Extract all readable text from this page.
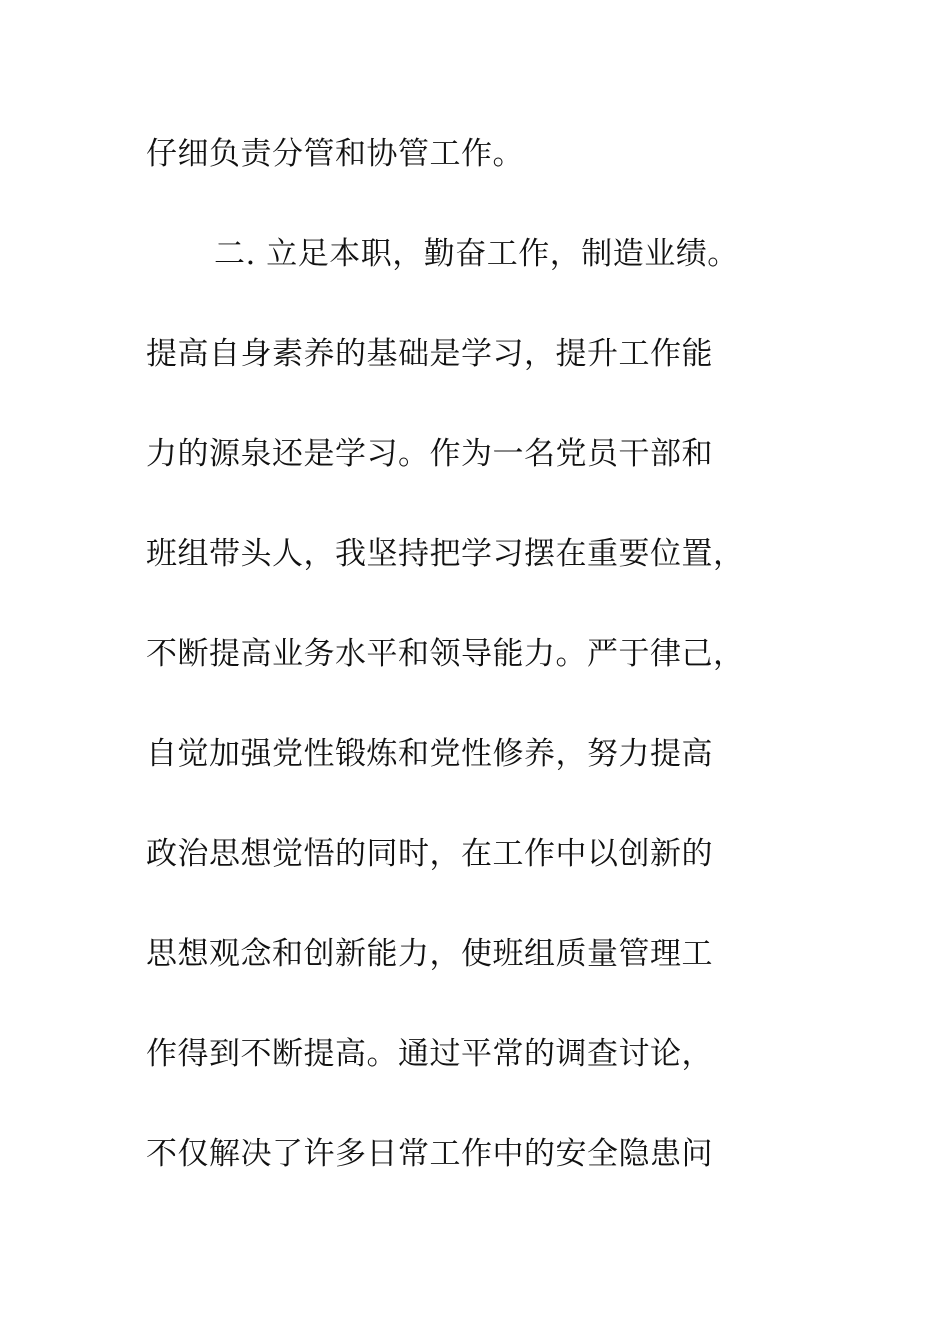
仔细负责分管和协管工作。
二. 立足本职，勤奋工作，制造业绩。
提高自身素养的基础是学习，提升工作能
力的源泉还是学习。作为一名党员干部和
班组带头人，我坚持把学习摆在重要位置，
不断提高业务水平和领导能力。严于律己，
自觉加强党性锻炼和党性修养，努力提高
政治思想觉悟的同时，在工作中以创新的
思想观念和创新能力，使班组质量管理工
作得到不断提高。通过平常的调查讨论，
不仅解决了许多日常工作中的安全隐患问
